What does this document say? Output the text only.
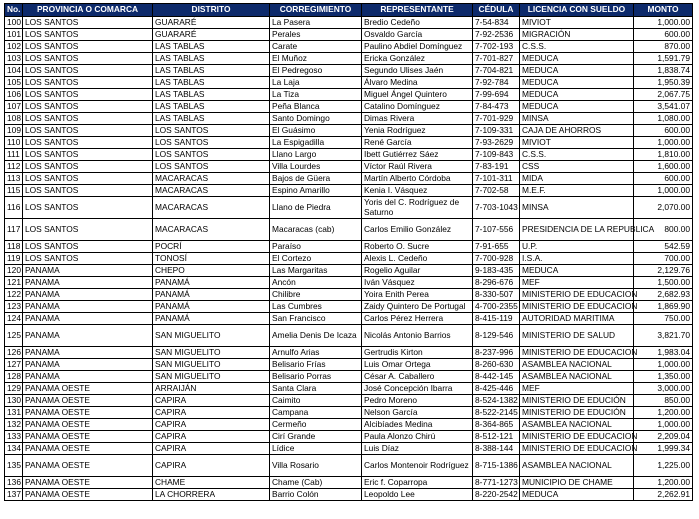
No.	PROVINCIA O COMARCA	DISTRITO	CORREGIMIENTO	REPRESENTANTE	CÉDULA	LICENCIA CON SUELDO	MONTO
100	LOS SANTOS	GUARARÉ	La Pasera	Bredio Cedeño	7-54-834	MIVIOT	1,000.00
101	LOS SANTOS	GUARARÉ	Perales	Osvaldo García	7-92-2536	MIGRACIÓN	600.00
102	LOS SANTOS	LAS TABLAS	Carate	Paulino Abdiel Domínguez	7-702-193	C.S.S.	870.00
103	LOS SANTOS	LAS TABLAS	El Muñoz	Ericka González	7-701-827	MEDUCA	1,591.79
104	LOS SANTOS	LAS TABLAS	El Pedregoso	Segundo Ulises Jaén	7-704-821	MEDUCA	1,838.74
105	LOS SANTOS	LAS TABLAS	La Laja	Álvaro Medina	7-92-784	MEDUCA	1,950.39
106	LOS SANTOS	LAS TABLAS	La Tiza	Miguel Ángel Quintero	7-99-694	MEDUCA	2,067.75
107	LOS SANTOS	LAS TABLAS	Peña Blanca	Catalino Domínguez	7-84-473	MEDUCA	3,541.07
108	LOS SANTOS	LAS TABLAS	Santo Domingo	Dimas Rivera	7-701-929	MINSA	1,080.00
109	LOS SANTOS	LOS SANTOS	El Guásimo	Yenia Rodríguez	7-109-331	CAJA DE AHORROS	600.00
110	LOS SANTOS	LOS SANTOS	La Espigadilla	René García	7-93-2629	MIVIOT	1,000.00
111	LOS SANTOS	LOS SANTOS	Llano Largo	Ibett Gutiérrez Sáez	7-109-843	C.S.S.	1,810.00
112	LOS SANTOS	LOS SANTOS	Villa Lourdes	Víctor Raúl Rivera	7-83-191	CSS	1,600.00
113	LOS SANTOS	MACARACAS	Bajos de Güera	Martín Alberto Córdoba	7-101-311	MIDA	600.00
115	LOS SANTOS	MACARACAS	Espino Amarillo	Kenia I. Vásquez	7-702-58	M.E.F.	1,000.00
116	LOS SANTOS	MACARACAS	Llano de Piedra	Yoris del C. Rodríguez de Saturno	7-703-1043	MINSA	2,070.00
117	LOS SANTOS	MACARACAS	Macaracas (cab)	Carlos Emilio González	7-107-556	PRESIDENCIA DE LA REPUBLICA	800.00
118	LOS SANTOS	POCRÍ	Paraíso	Roberto O. Sucre	7-91-655	U.P.	542.59
119	LOS SANTOS	TONOSÍ	El Cortezo	Alexis L. Cedeño	7-700-928	I.S.A.	700.00
120	PANAMA	CHEPO	Las Margaritas	Rogelio Aguilar	9-183-435	MEDUCA	2,129.76
121	PANAMA	PANAMÁ	Ancón	Iván Vásquez	8-296-676	MEF	1,500.00
122	PANAMA	PANAMÁ	Chilibre	Yoira Enith Perea	8-330-507	MINISTERIO DE EDUCACION	2,682.93
123	PANAMA	PANAMÁ	Las Cumbres	Zaidy Quintero De Portugal	4-700-2355	MINISTERIO DE EDUCACION	1,869.90
124	PANAMA	PANAMÁ	San Francisco	Carlos Pérez Herrera	8-415-119	AUTORIDAD MARITIMA	750.00
125	PANAMA	SAN MIGUELITO	Amelia Denis De Icaza	Nicolás Antonio Barrios	8-129-546	MINISTERIO DE SALUD	3,821.70
126	PANAMA	SAN MIGUELITO	Arnulfo Arias	Gertrudis Kirton	8-237-996	MINISTERIO DE EDUCACION	1,983.04
127	PANAMA	SAN MIGUELITO	Belisario Frías	Luis Omar Ortega	8-260-630	ASAMBLEA NACIONAL	1,000.00
128	PANAMA	SAN MIGUELITO	Belisario Porras	César A. Caballero	8-442-145	ASAMBLEA NACIONAL	1,350.00
129	PANAMA OESTE	ARRAIJÁN	Santa Clara	José Concepción Ibarra	8-425-446	MEF	3,000.00
130	PANAMA OESTE	CAPIRA	Caimito	Pedro Moreno	8-524-1382	MINISTERIO DE EDUCIÓN	850.00
131	PANAMA OESTE	CAPIRA	Campana	Nelson García	8-522-2145	MINISTERIO DE EDUCIÓN	1,200.00
132	PANAMA OESTE	CAPIRA	Cermeño	Alcibíades Medina	8-364-865	ASAMBLEA NACIONAL	1,000.00
133	PANAMA OESTE	CAPIRA	Cirí Grande	Paula Alonzo Chirú	8-512-121	MINISTERIO DE EDUCACION	2,209.04
134	PANAMA OESTE	CAPIRA	Lídice	Luis Díaz	8-388-144	MINISTERIO DE EDUCACION	1,999.34
135	PANAMA OESTE	CAPIRA	Villa Rosario	Carlos Montenoir Rodríguez	8-715-1386	ASAMBLEA NACIONAL	1,225.00
136	PANAMA OESTE	CHAME	Chame (Cab)	Eric f. Coparropa	8-771-1273	MUNICIPIO DE CHAME	1,200.00
137	PANAMA OESTE	LA CHORRERA	Barrio Colón	Leopoldo Lee	8-220-2542	MEDUCA	2,262.91
